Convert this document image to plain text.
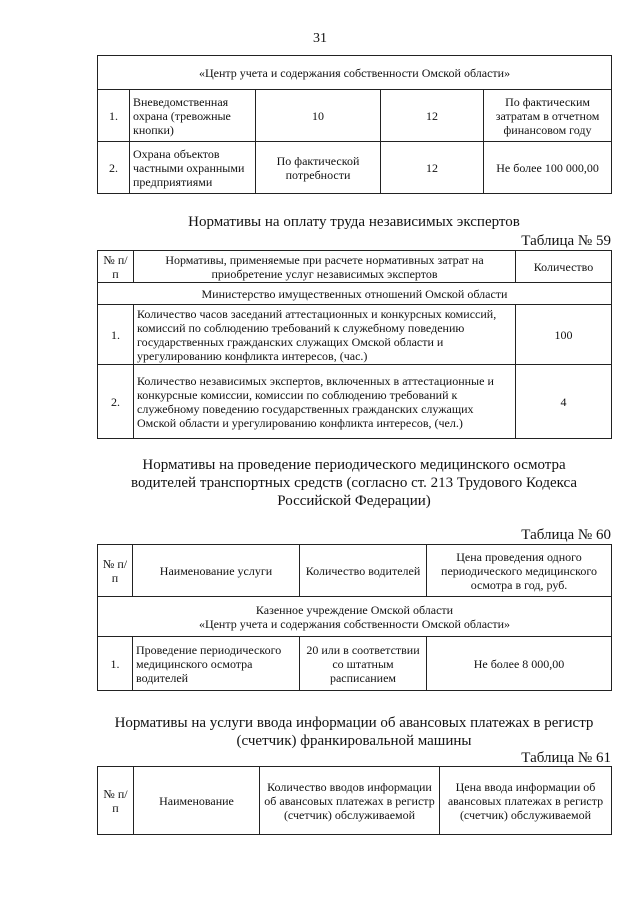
31
«Центр учета и содержания собственности Омской области»				
1.	Вневедомственная охрана (тревожные кнопки)	10	12	По фактическим затратам в отчетном финансовом году
2.	Охрана объектов частными охранными предприятиями	По фактической потребности	12	Не более 100 000,00
Нормативы на оплату труда независимых экспертов
Таблица № 59
№ п/п	Нормативы, применяемые при расчете нормативных затрат на приобретение услуг независимых экспертов	Количество
Министерство имущественных отношений Омской области		
1.	Количество часов заседаний аттестационных и конкурсных комиссий, комиссий по соблюдению требований к служебному поведению государственных гражданских служащих Омской области и урегулированию конфликта интересов, (час.)	100
2.	Количество независимых экспертов, включенных в аттестационные и конкурсные комиссии, комиссии по соблюдению требований к служебному поведению государственных гражданских служащих Омской области и урегулированию конфликта интересов, (чел.)	4
Нормативы на проведение периодического медицинского осмотра
водителей транспортных средств (согласно ст. 213 Трудового Кодекса
Российской Федерации)
Таблица № 60
№ п/п	Наименование услуги	Количество водителей	Цена проведения одного периодического медицинского осмотра в год, руб.

Казенное учреждение Омской области
«Центр учета и содержания собственности Омской области»			

1.	Проведение периодического медицинского осмотра водителей	20 или в соответствии со штатным расписанием	Не более 8 000,00
Нормативы на услуги ввода информации об авансовых платежах в регистр
(счетчик) франкировальной машины
Таблица № 61
№ п/п	Наименование	Количество вводов информации об авансовых платежах в регистр (счетчик) обслуживаемой	Цена ввода информации об авансовых платежах в регистр (счетчик) обслуживаемой
